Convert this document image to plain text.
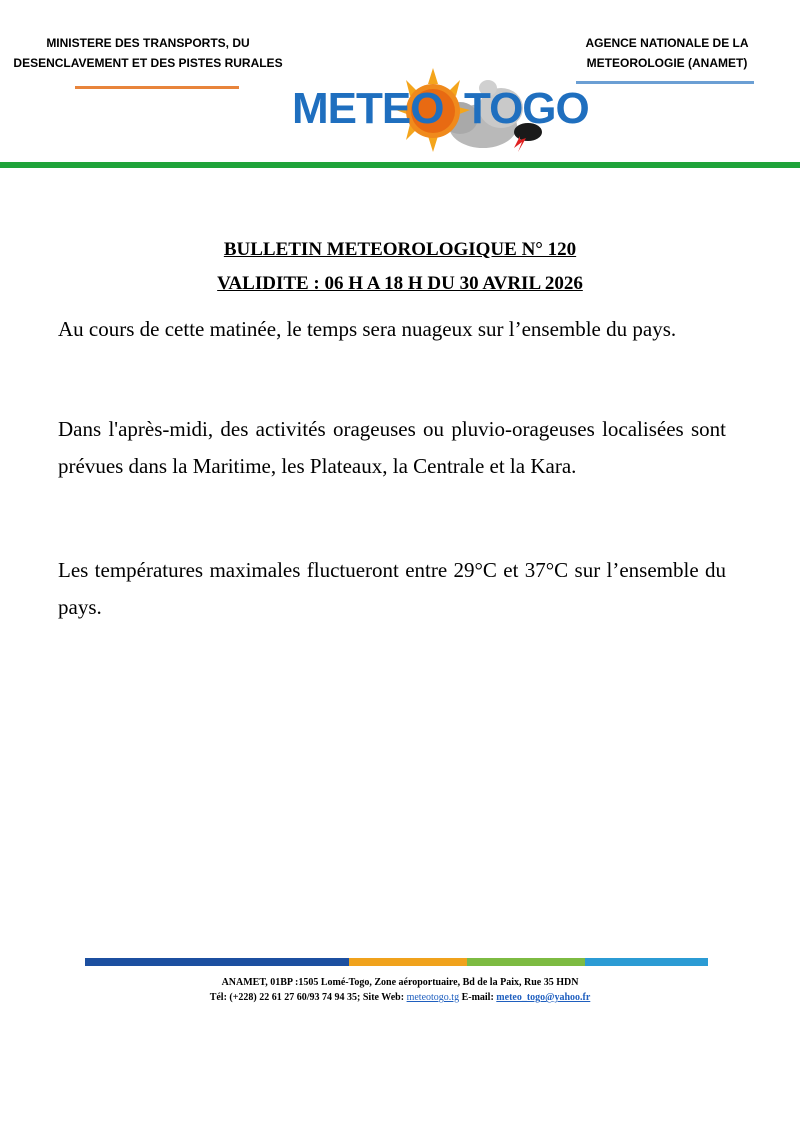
MINISTERE DES TRANSPORTS, DU
DESENCLAVEMENT ET DES PISTES RURALES
AGENCE NATIONALE DE LA
METEOROLOGIE (ANAMET)
METEO TOGO
BULLETIN METEOROLOGIQUE N° 120
VALIDITE : 06 H A 18 H DU 30 AVRIL 2026

Au cours de cette matinée, le temps sera nuageux sur l’ensemble du pays.

Dans l'après-midi, des activités orageuses ou pluvio-orageuses localisées sont prévues dans la Maritime, les Plateaux, la Centrale et la Kara.

Les températures maximales fluctueront entre 29°C et 37°C sur l’ensemble du pays.

ANAMET, 01BP :1505 Lomé-Togo, Zone aéroportuaire, Bd de la Paix, Rue 35 HDN
Tél: (+228) 22 61 27 60/93 74 94 35; Site Web: meteotogo.tg E-mail: meteo_togo@yahoo.fr
